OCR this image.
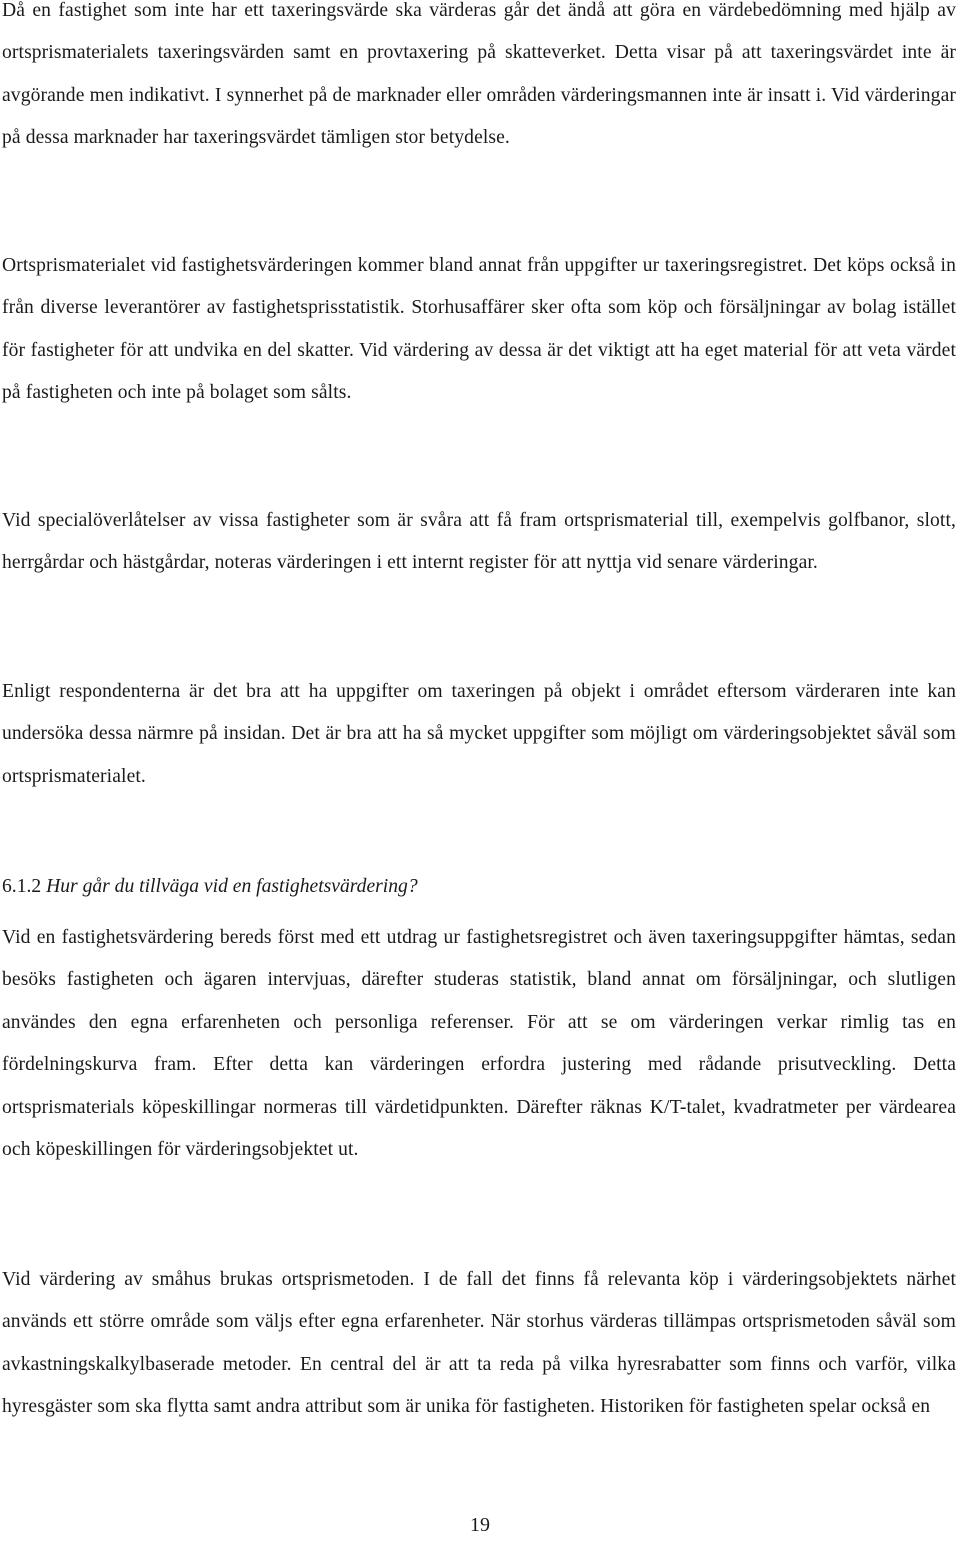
Då en fastighet som inte har ett taxeringsvärde ska värderas går det ändå att göra en värdebedömning med hjälp av ortsprismaterialets taxeringsvärden samt en provtaxering på skatteverket. Detta visar på att taxeringsvärdet inte är avgörande men indikativt. I synnerhet på de marknader eller områden värderingsmannen inte är insatt i. Vid värderingar på dessa marknader har taxeringsvärdet tämligen stor betydelse.

Ortsprismaterialet vid fastighetsvärderingen kommer bland annat från uppgifter ur taxeringsregistret. Det köps också in från diverse leverantörer av fastighetsprisstatistik. Storhusaffärer sker ofta som köp och försäljningar av bolag istället för fastigheter för att undvika en del skatter. Vid värdering av dessa är det viktigt att ha eget material för att veta värdet på fastigheten och inte på bolaget som sålts.

Vid specialöverlåtelser av vissa fastigheter som är svåra att få fram ortsprismaterial till, exempelvis golfbanor, slott, herrgårdar och hästgårdar, noteras värderingen i ett internt register för att nyttja vid senare värderingar.

Enligt respondenterna är det bra att ha uppgifter om taxeringen på objekt i området eftersom värderaren inte kan undersöka dessa närmre på insidan. Det är bra att ha så mycket uppgifter som möjligt om värderingsobjektet såväl som ortsprismaterialet.

6.1.2 Hur går du tillväga vid en fastighetsvärdering?

Vid en fastighetsvärdering bereds först med ett utdrag ur fastighetsregistret och även taxeringsuppgifter hämtas, sedan besöks fastigheten och ägaren intervjuas, därefter studeras statistik, bland annat om försäljningar, och slutligen användes den egna erfarenheten och personliga referenser. För att se om värderingen verkar rimlig tas en fördelningskurva fram. Efter detta kan värderingen erfordra justering med rådande prisutveckling. Detta ortsprismaterials köpeskillingar normeras till värdetidpunkten. Därefter räknas K/T-talet, kvadratmeter per värdearea och köpeskillingen för värderingsobjektet ut.

Vid värdering av småhus brukas ortsprismetoden. I de fall det finns få relevanta köp i värderingsobjektets närhet används ett större område som väljs efter egna erfarenheter. När storhus värderas tillämpas ortsprismetoden såväl som avkastningskalkylbaserade metoder. En central del är att ta reda på vilka hyresrabatter som finns och varför, vilka hyresgäster som ska flytta samt andra attribut som är unika för fastigheten. Historiken för fastigheten spelar också en

19
